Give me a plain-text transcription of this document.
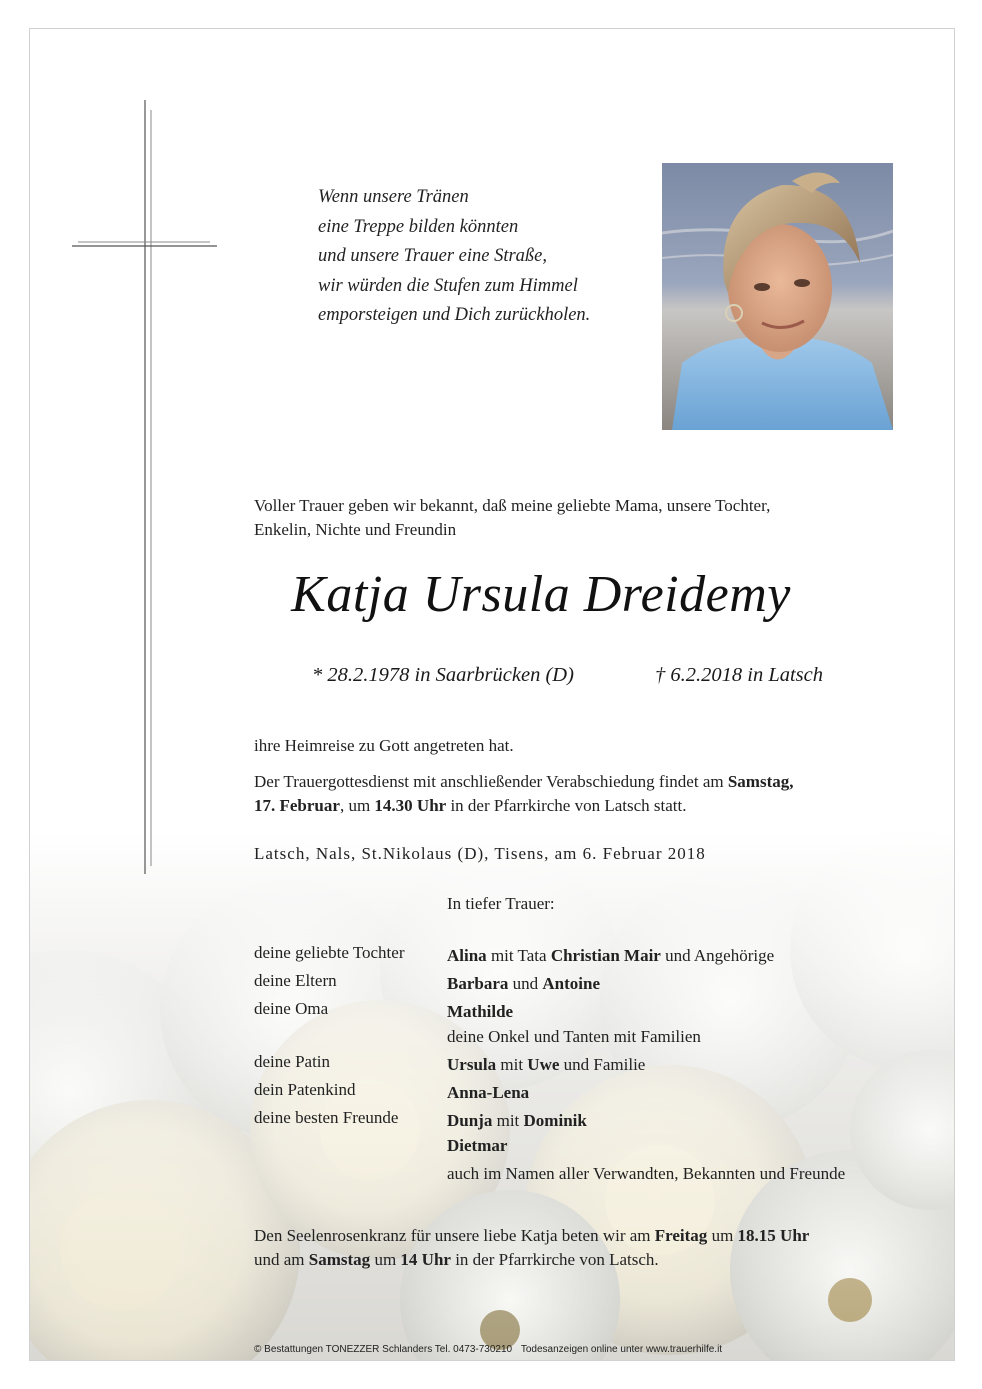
Wenn unsere Tränen
eine Treppe bilden könnten
und unsere Trauer eine Straße,
wir würden die Stufen zum Himmel
emporsteigen und Dich zurückholen.
Voller Trauer geben wir bekannt, daß meine geliebte Mama, unsere Tochter,
Enkelin, Nichte und Freundin
Katja Ursula Dreidemy
* 28.2.1978 in Saarbrücken (D)	† 6.2.2018 in Latsch
ihre Heimreise zu Gott angetreten hat.
Der Trauergottesdienst mit anschließender Verabschiedung findet am Samstag,
17. Februar, um 14.30 Uhr in der Pfarrkirche von Latsch statt.
Latsch, Nals, St.Nikolaus (D), Tisens, am 6. Februar 2018
In tiefer Trauer:
deine geliebte Tochter	Alina mit Tata Christian Mair und Angehörige
deine Eltern	Barbara und Antoine
deine Oma	Mathilde
deine Onkel und Tanten mit Familien
deine Patin	Ursula mit Uwe und Familie
dein Patenkind	Anna-Lena
deine besten Freunde	Dunja mit Dominik
Dietmar
auch im Namen aller Verwandten, Bekannten und Freunde
Den Seelenrosenkranz für unsere liebe Katja beten wir am Freitag um 18.15 Uhr
und am Samstag um 14 Uhr in der Pfarrkirche von Latsch.
© Bestattungen TONEZZER Schlanders Tel. 0473-730210 Todesanzeigen online unter www.trauerhilfe.it
